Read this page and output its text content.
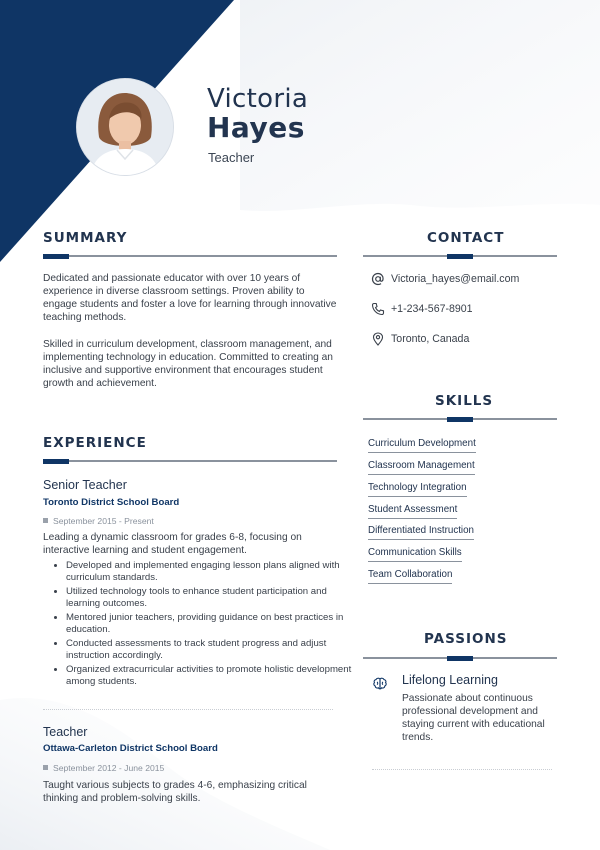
Victoria
Hayes
Teacher
SUMMARY
Dedicated and passionate educator with over 10 years of experience in diverse classroom settings. Proven ability to engage students and foster a love for learning through innovative teaching methods.
Skilled in curriculum development, classroom management, and implementing technology in education. Committed to creating an inclusive and supportive environment that encourages student growth and achievement.
EXPERIENCE
Senior Teacher
Toronto District School Board
September 2015 - Present
Leading a dynamic classroom for grades 6-8, focusing on interactive learning and student engagement.
• Developed and implemented engaging lesson plans aligned with curriculum standards.
• Utilized technology tools to enhance student participation and learning outcomes.
• Mentored junior teachers, providing guidance on best practices in education.
• Conducted assessments to track student progress and adjust instruction accordingly.
• Organized extracurricular activities to promote holistic development among students.
Teacher
Ottawa-Carleton District School Board
September 2012 - June 2015
Taught various subjects to grades 4-6, emphasizing critical thinking and problem-solving skills.
CONTACT
Victoria_hayes@email.com
+1-234-567-8901
Toronto, Canada
SKILLS
Curriculum Development
Classroom Management
Technology Integration
Student Assessment
Differentiated Instruction
Communication Skills
Team Collaboration
PASSIONS
Lifelong Learning
Passionate about continuous professional development and staying current with educational trends.
